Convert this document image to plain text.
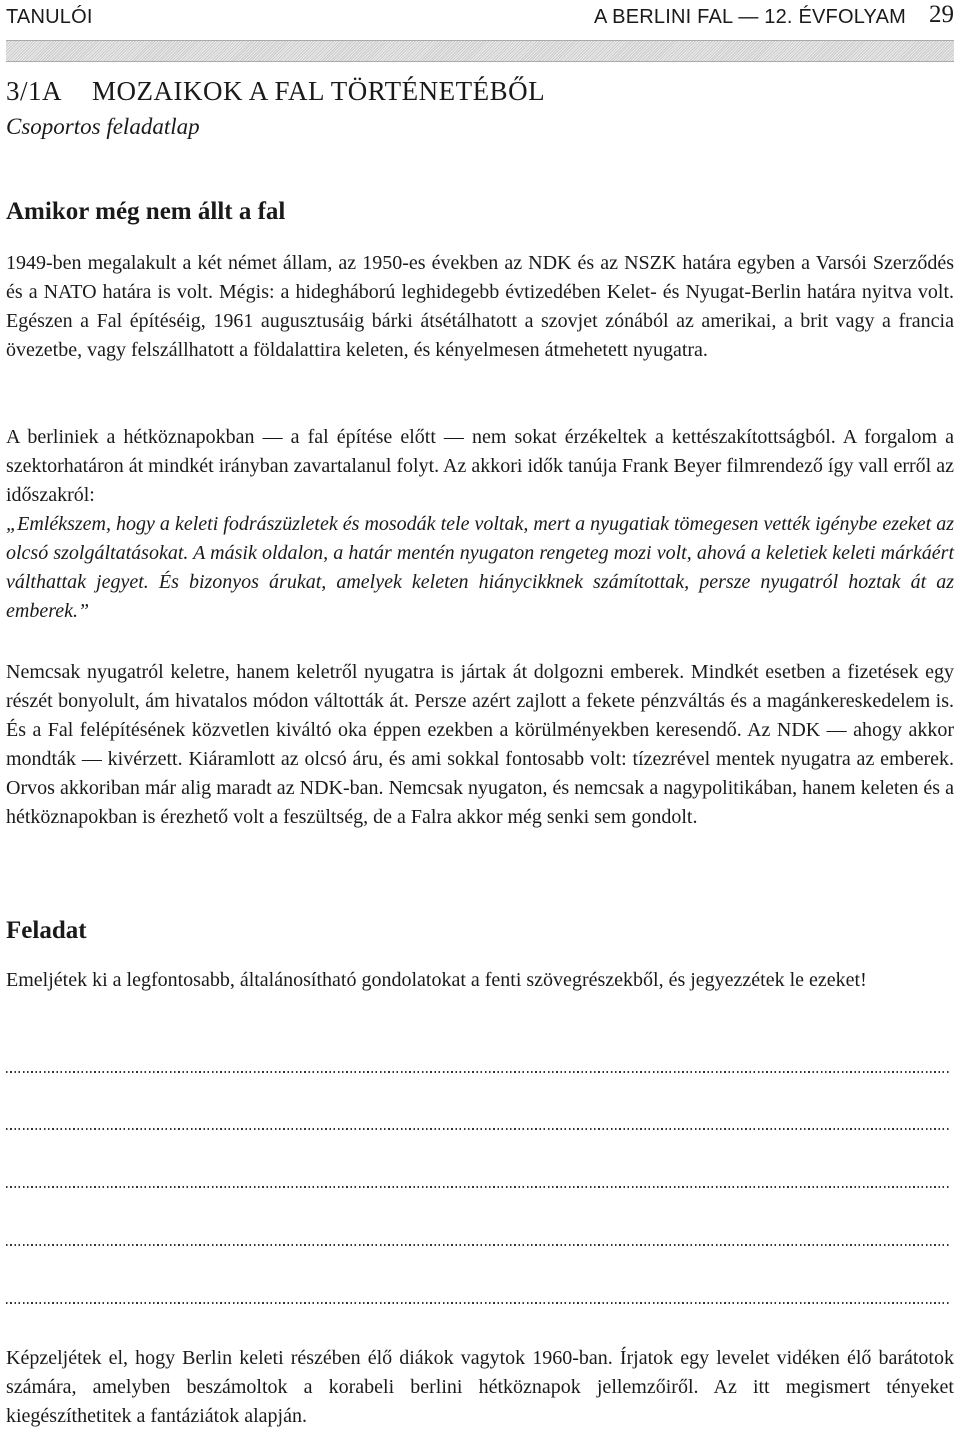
TANULÓI	A BERLINI FAL — 12. ÉVFOLYAM 29
3/1A MOZAIKOK A FAL TÖRTÉNETÉBŐL
Csoportos feladatlap
Amikor még nem állt a fal

1949-ben megalakult a két német állam, az 1950-es években az NDK és az NSZK határa egyben a Varsói Szerződés és a NATO határa is volt. Mégis: a hidegháború leghidegebb évtizedében Kelet- és Nyugat-Berlin határa nyitva volt. Egészen a Fal építéséig, 1961 augusztusáig bárki átsétálhatott a szovjet zónából az amerikai, a brit vagy a francia övezetbe, vagy felszállhatott a földalattira keleten, és kényelmesen átmehetett nyugatra.

A berliniek a hétköznapokban — a fal építése előtt — nem sokat érzékeltek a kettészakítottságból. A forgalom a szektorhatáron át mindkét irányban zavartalanul folyt. Az akkori idők tanúja Frank Beyer filmrendező így vall erről az időszakról:
„Emlékszem, hogy a keleti fodrászüzletek és mosodák tele voltak, mert a nyugatiak tömegesen vették igénybe ezeket az olcsó szolgáltatásokat. A másik oldalon, a határ mentén nyugaton rengeteg mozi volt, ahová a keletiek keleti márkáért válthattak jegyet. És bizonyos árukat, amelyek keleten hiánycikknek számítottak, persze nyugatról hoztak át az emberek.”

Nemcsak nyugatról keletre, hanem keletről nyugatra is jártak át dolgozni emberek. Mindkét esetben a fizetések egy részét bonyolult, ám hivatalos módon váltották át. Persze azért zajlott a fekete pénzváltás és a magánkereskedelem is. És a Fal felépítésének közvetlen kiváltó oka éppen ezekben a körülményekben keresendő. Az NDK — ahogy akkor mondták — kivérzett. Kiáramlott az olcsó áru, és ami sokkal fontosabb volt: tízezrével mentek nyugatra az emberek. Orvos akkoriban már alig maradt az NDK-ban. Nemcsak nyugaton, és nemcsak a nagypolitikában, hanem keleten és a hétköznapokban is érezhető volt a feszültség, de a Falra akkor még senki sem gondolt.

Feladat

Emeljétek ki a legfontosabb, általánosítható gondolatokat a fenti szövegrészekből, és jegyezzétek le ezeket!

Képzeljétek el, hogy Berlin keleti részében élő diákok vagytok 1960-ban. Írjatok egy levelet vidéken élő barátotok számára, amelyben beszámoltok a korabeli berlini hétköznapok jellemzőiről. Az itt megismert tényeket kiegészíthetitek a fantáziátok alapján.
